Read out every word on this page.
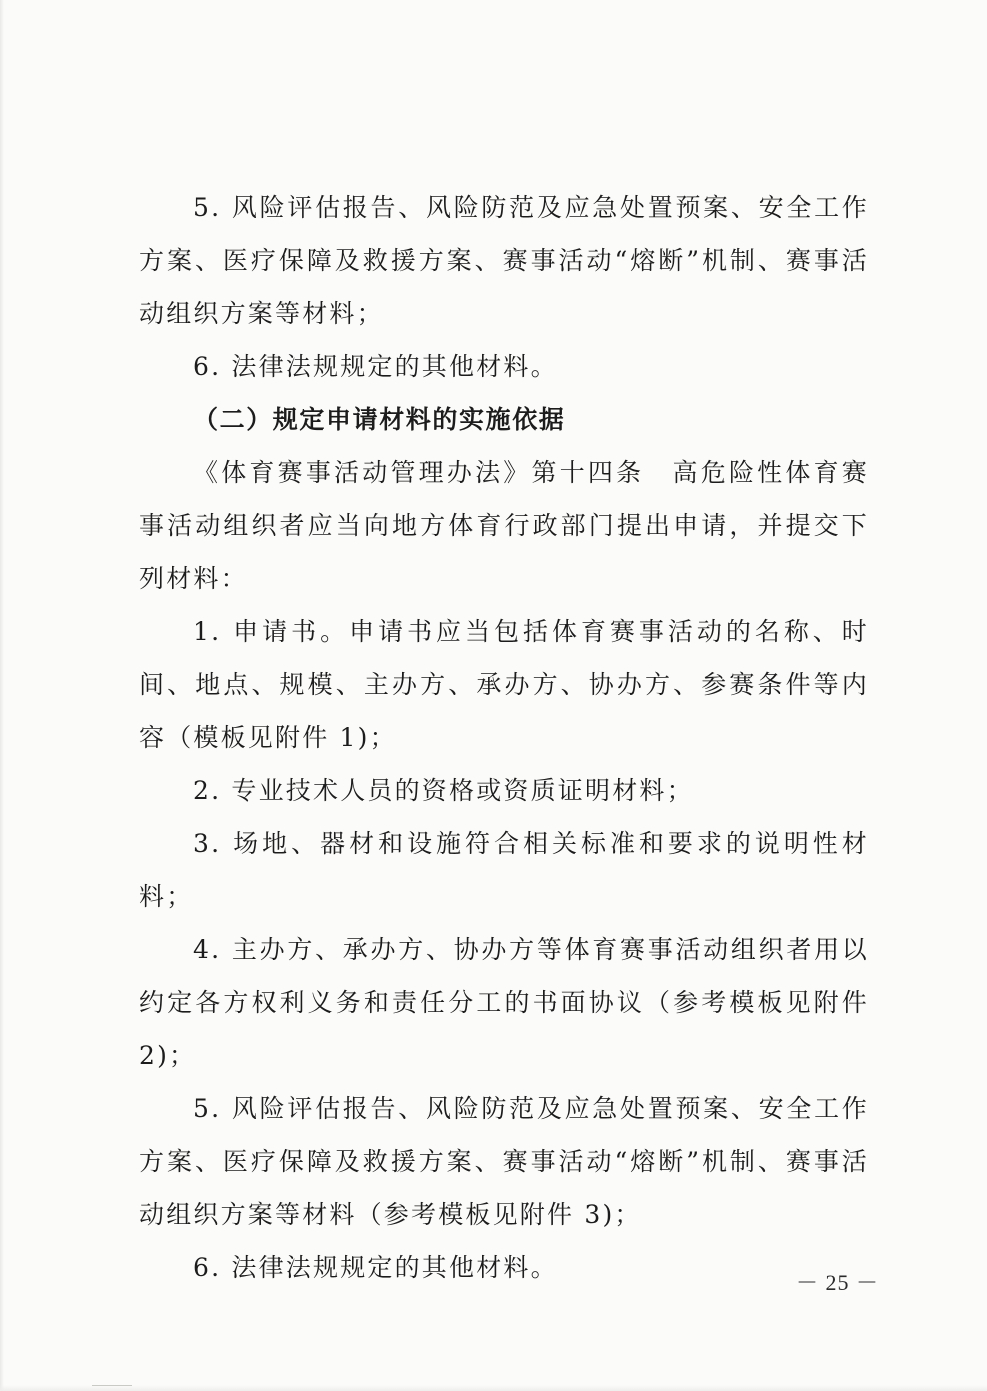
5. 风险评估报告、风险防范及应急处置预案、安全工作方案、医疗保障及救援方案、赛事活动“熔断”机制、赛事活动组织方案等材料；

6. 法律法规规定的其他材料。

（二）规定申请材料的实施依据

《体育赛事活动管理办法》第十四条　高危险性体育赛事活动组织者应当向地方体育行政部门提出申请，并提交下列材料：

1. 申请书。申请书应当包括体育赛事活动的名称、时间、地点、规模、主办方、承办方、协办方、参赛条件等内容（模板见附件 1)；

2. 专业技术人员的资格或资质证明材料；

3. 场地、器材和设施符合相关标准和要求的说明性材料；

4. 主办方、承办方、协办方等体育赛事活动组织者用以约定各方权利义务和责任分工的书面协议（参考模板见附件 2)；

5. 风险评估报告、风险防范及应急处置预案、安全工作方案、医疗保障及救援方案、赛事活动“熔断”机制、赛事活动组织方案等材料（参考模板见附件 3)；

6. 法律法规规定的其他材料。

－ 25 －
